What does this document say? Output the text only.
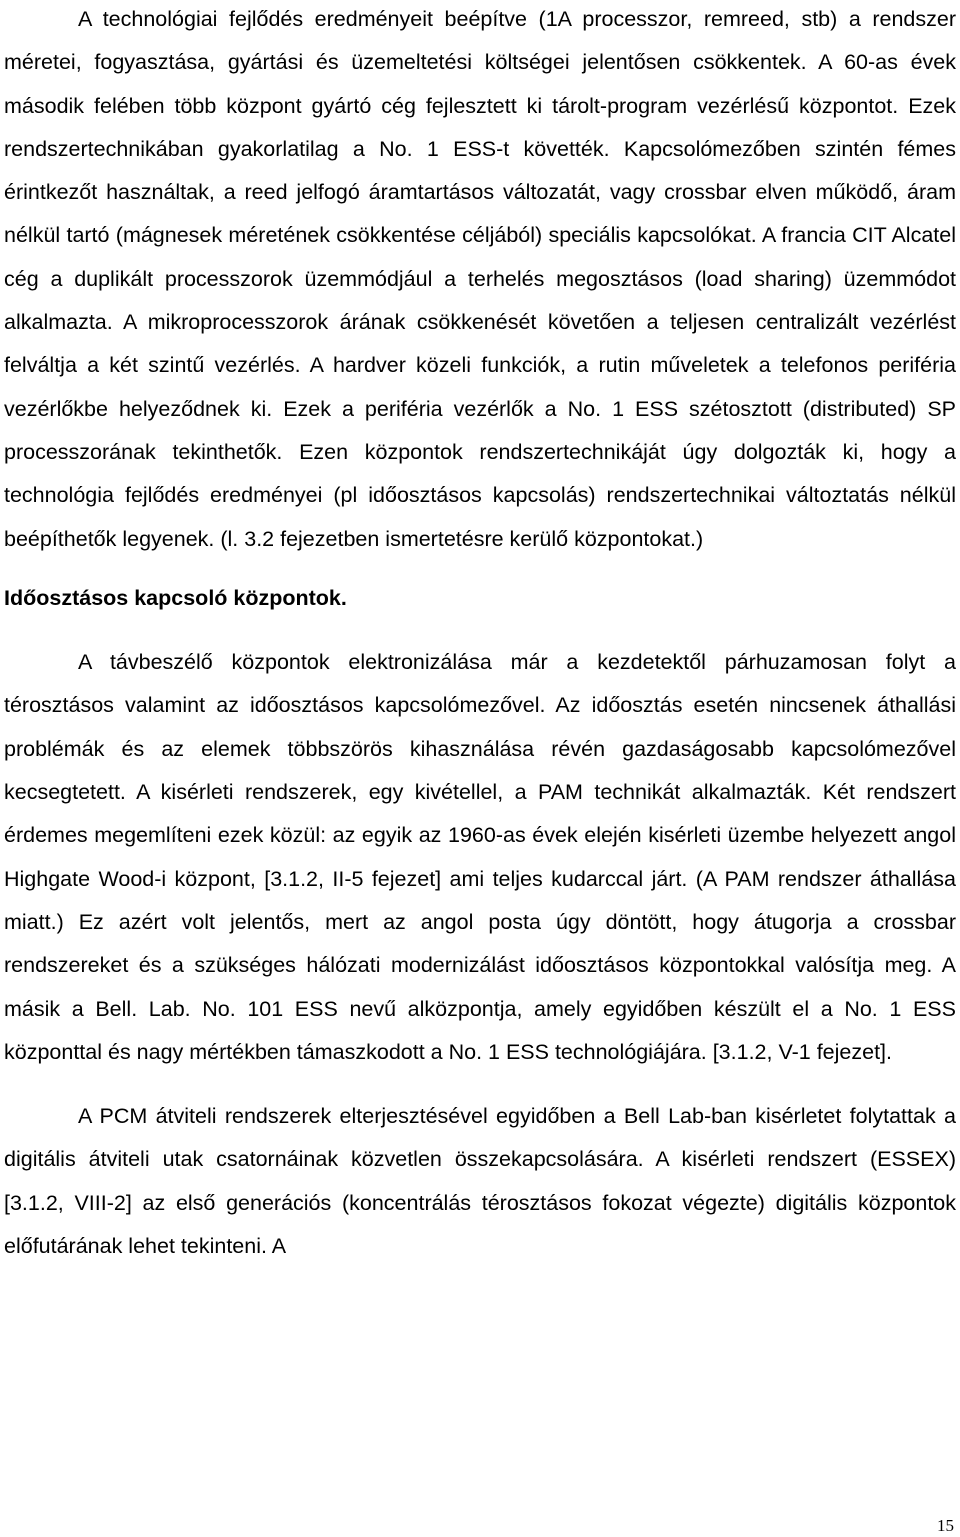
A technológiai fejlődés eredményeit beépítve (1A processzor, remreed, stb) a rendszer méretei, fogyasztása, gyártási és üzemeltetési költségei jelentősen csökkentek. A 60-as évek második felében több központ gyártó cég fejlesztett ki tárolt-program vezérlésű központot. Ezek rendszertechnikában gyakorlatilag a No. 1 ESS-t követték. Kapcsolómezőben szintén fémes érintkezőt használtak, a reed jelfogó áramtartásos változatát, vagy crossbar elven működő, áram nélkül tartó (mágnesek méretének csökkentése céljából) speciális kapcsolókat. A francia CIT Alcatel cég a duplikált processzorok üzemmódjául a terhelés megosztásos (load sharing) üzemmódot alkalmazta. A mikroprocesszorok árának csökkenését követően a teljesen centralizált vezérlést felváltja a két szintű vezérlés. A hardver közeli funkciók, a rutin műveletek a telefonos periféria vezérlőkbe helyeződnek ki. Ezek a periféria vezérlők a No. 1 ESS szétosztott (distributed) SP processzorának tekinthetők. Ezen központok rendszertechnikáját úgy dolgozták ki, hogy a technológia fejlődés eredményei (pl időosztásos kapcsolás) rendszertechnikai változtatás nélkül beépíthetők legyenek. (l. 3.2 fejezetben ismertetésre kerülő központokat.)

Időosztásos kapcsoló központok.

A távbeszélő központok elektronizálása már a kezdetektől párhuzamosan folyt a térosztásos valamint az időosztásos kapcsolómezővel. Az időosztás esetén nincsenek áthallási problémák és az elemek többszörös kihasználása révén gazdaságosabb kapcsolómezővel kecsegtetett. A kisérleti rendszerek, egy kivétellel, a PAM technikát alkalmazták. Két rendszert érdemes megemlíteni ezek közül: az egyik az 1960-as évek elején kisérleti üzembe helyezett angol Highgate Wood-i központ, [3.1.2, II-5 fejezet] ami teljes kudarccal járt. (A PAM rendszer áthallása miatt.) Ez azért volt jelentős, mert az angol posta úgy döntött, hogy átugorja a crossbar rendszereket és a szükséges hálózati modernizálást időosztásos központokkal valósítja meg. A másik a Bell. Lab. No. 101 ESS nevű alközpontja, amely egyidőben készült el a No. 1 ESS központtal és nagy mértékben támaszkodott a No. 1 ESS technológiájára. [3.1.2, V-1 fejezet].

A PCM átviteli rendszerek elterjesztésével egyidőben a Bell Lab-ban kisérletet folytattak a digitális átviteli utak csatornáinak közvetlen összekapcsolására. A kisérleti rendszert (ESSEX) [3.1.2, VIII-2] az első generációs (koncentrálás térosztásos fokozat végezte) digitális központok előfutárának lehet tekinteni. A

15
